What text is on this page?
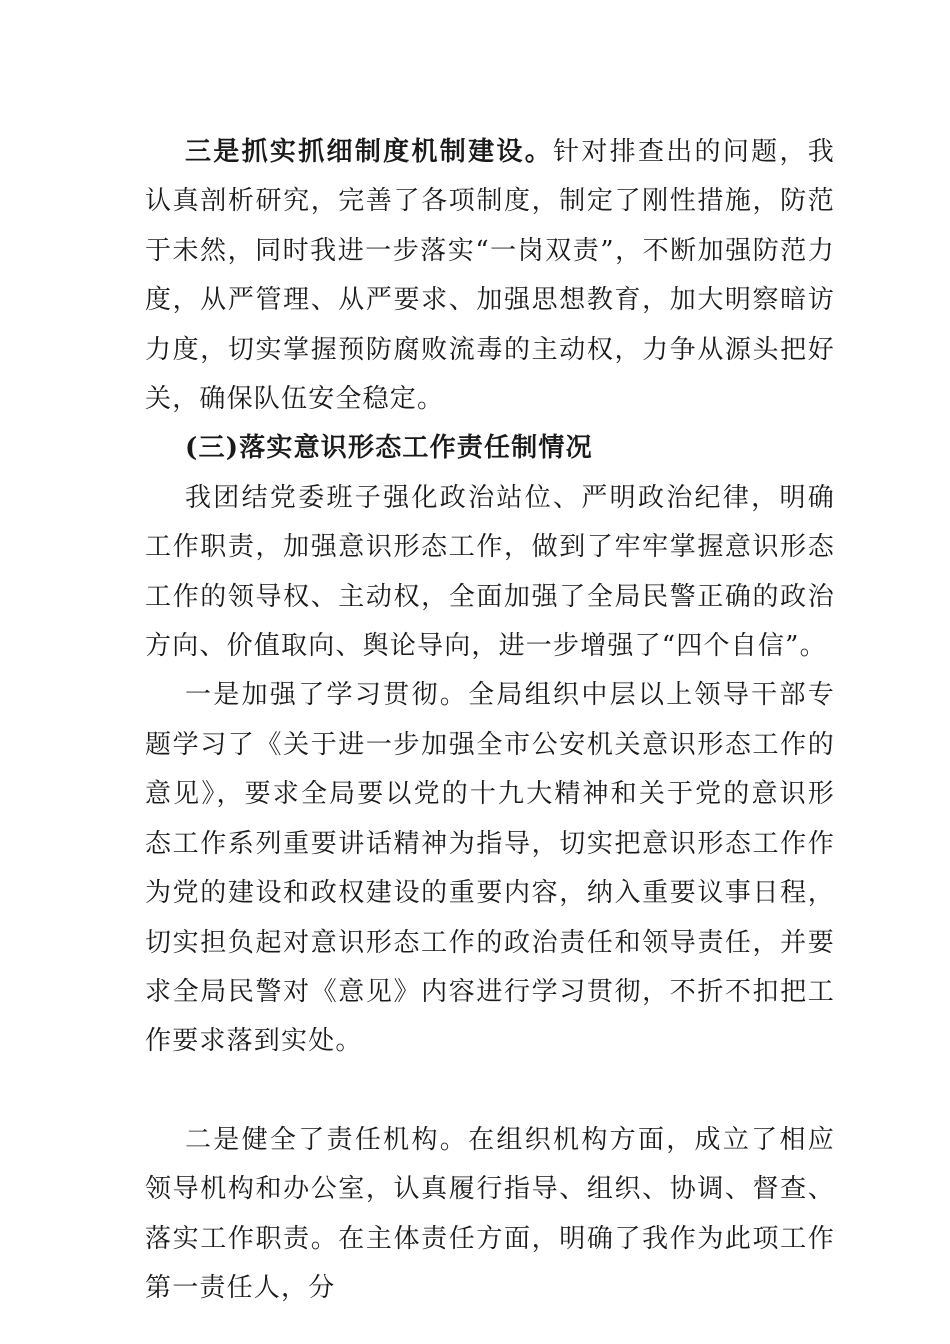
三是抓实抓细制度机制建设。针对排查出的问题，我认真剖析研究，完善了各项制度，制定了刚性措施，防范于未然，同时我进一步落实“一岗双责”，不断加强防范力度，从严管理、从严要求、加强思想教育，加大明察暗访力度，切实掌握预防腐败流毒的主动权，力争从源头把好关，确保队伍安全稳定。

(三)落实意识形态工作责任制情况

我团结党委班子强化政治站位、严明政治纪律，明确工作职责，加强意识形态工作，做到了牢牢掌握意识形态工作的领导权、主动权，全面加强了全局民警正确的政治方向、价值取向、舆论导向，进一步增强了“四个自信”。

一是加强了学习贯彻。全局组织中层以上领导干部专题学习了《关于进一步加强全市公安机关意识形态工作的意见》，要求全局要以党的十九大精神和关于党的意识形态工作系列重要讲话精神为指导，切实把意识形态工作作为党的建设和政权建设的重要内容，纳入重要议事日程，切实担负起对意识形态工作的政治责任和领导责任，并要求全局民警对《意见》内容进行学习贯彻，不折不扣把工作要求落到实处。

二是健全了责任机构。在组织机构方面，成立了相应领导机构和办公室，认真履行指导、组织、协调、督查、落实工作职责。在主体责任方面，明确了我作为此项工作第一责任人，分
